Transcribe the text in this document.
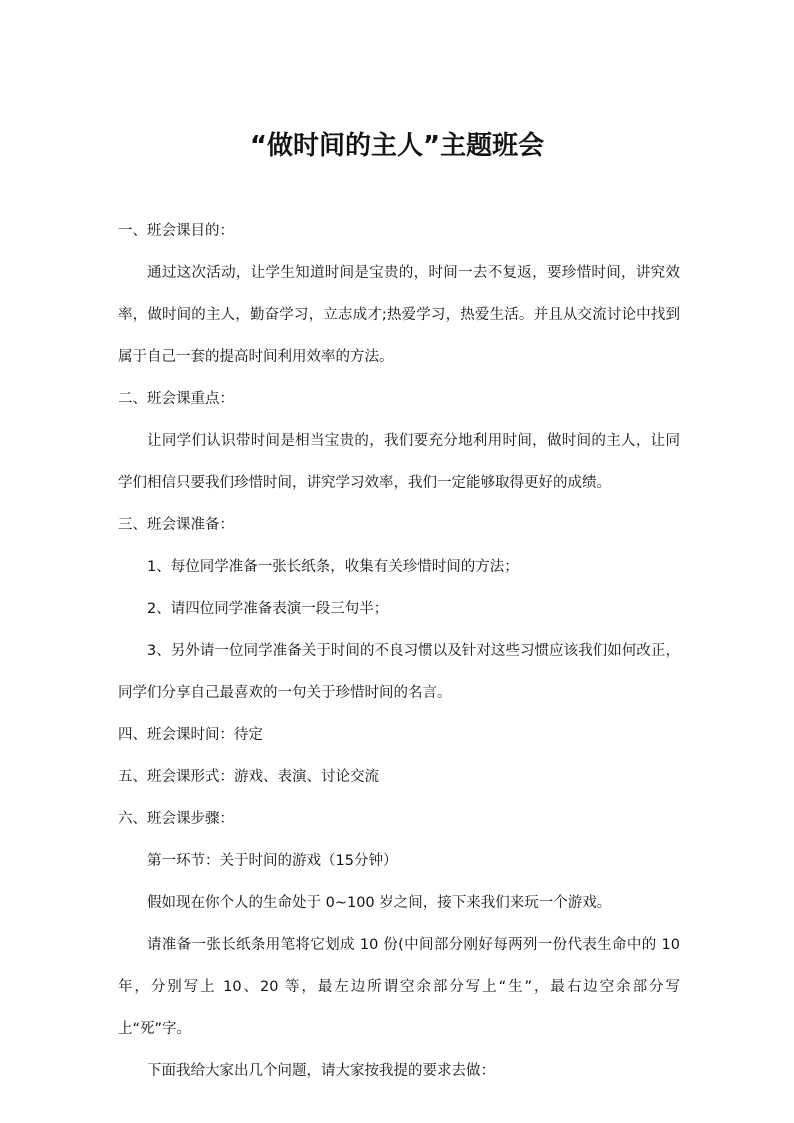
“做时间的主人”主题班会

一、班会课目的：

通过这次活动，让学生知道时间是宝贵的，时间一去不复返，要珍惜时间，讲究效率，做时间的主人，勤奋学习，立志成才;热爱学习，热爱生活。并且从交流讨论中找到属于自己一套的提高时间利用效率的方法。

二、班会课重点：

让同学们认识带时间是相当宝贵的，我们要充分地利用时间，做时间的主人，让同学们相信只要我们珍惜时间，讲究学习效率，我们一定能够取得更好的成绩。

三、班会课准备：

1、每位同学准备一张长纸条，收集有关珍惜时间的方法；

2、请四位同学准备表演一段三句半；

3、另外请一位同学准备关于时间的不良习惯以及针对这些习惯应该我们如何改正，同学们分享自己最喜欢的一句关于珍惜时间的名言。

四、班会课时间：待定

五、班会课形式：游戏、表演、讨论交流

六、班会课步骤：

第一环节：关于时间的游戏（15分钟）

假如现在你个人的生命处于 0~100 岁之间，接下来我们来玩一个游戏。

请准备一张长纸条用笔将它划成 10 份(中间部分刚好每两列一份代表生命中的 10 年，分别写上 10、20 等，最左边所谓空余部分写上“生”，最右边空余部分写上“死”字。

下面我给大家出几个问题，请大家按我提的要求去做：
